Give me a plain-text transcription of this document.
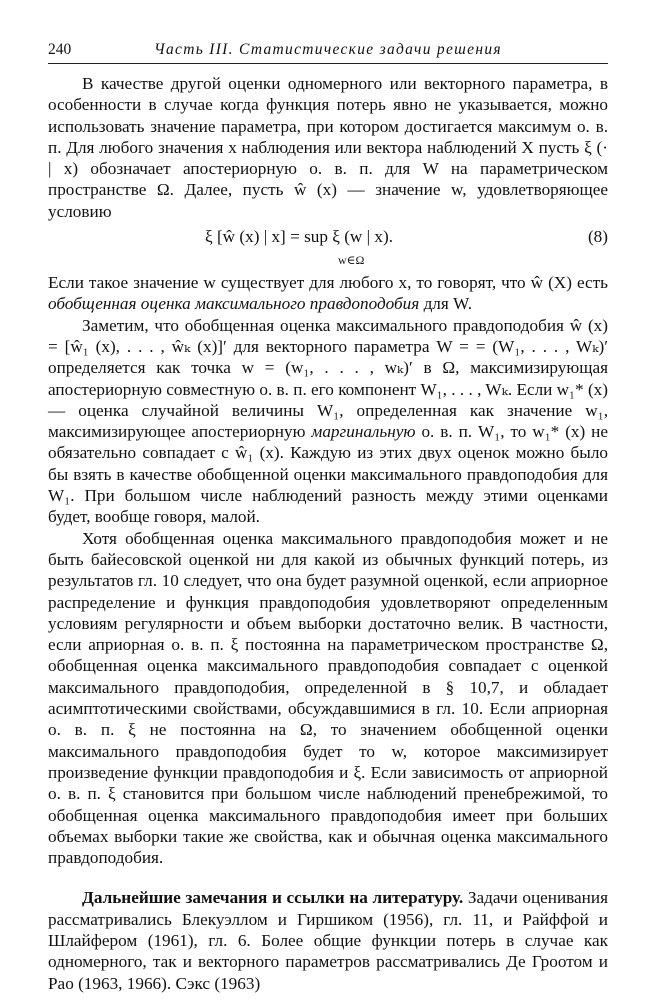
240	Часть III. Статистические задачи решения

В качестве другой оценки одномерного или векторного параметра, в особенности в случае когда функция потерь явно не указывается, можно использовать значение параметра, при котором достигается максимум о. в. п. Для любого значения x наблюдения или вектора наблюдений X пусть ξ (· | x) обозначает апостериорную о. в. п. для W на параметрическом пространстве Ω. Далее, пусть ŵ (x) — значение w, удовлетворяющее условию

ξ [ŵ (x) | x] = sup ξ (w | x).
w∈Ω
(8)

Если такое значение w существует для любого x, то говорят, что ŵ (X) есть обобщенная оценка максимального правдоподобия для W.

Заметим, что обобщенная оценка максимального правдоподобия ŵ (x) = [ŵ₁ (x), . . . , ŵₖ (x)]′ для векторного параметра W = = (W₁, . . . , Wₖ)′ определяется как точка w = (w₁, . . . , wₖ)′ в Ω, максимизирующая апостериорную совместную о. в. п. его компонент W₁, . . . , Wₖ. Если w₁* (x) — оценка случайной величины W₁, определенная как значение w₁, максимизирующее апостериорную маргинальную о. в. п. W₁, то w₁* (x) не обязательно совпадает с ŵ₁ (x). Каждую из этих двух оценок можно было бы взять в качестве обобщенной оценки максимального правдоподобия для W₁. При большом числе наблюдений разность между этими оценками будет, вообще говоря, малой.

Хотя обобщенная оценка максимального правдоподобия может и не быть байесовской оценкой ни для какой из обычных функций потерь, из результатов гл. 10 следует, что она будет разумной оценкой, если априорное распределение и функция правдоподобия удовлетворяют определенным условиям регулярности и объем выборки достаточно велик. В частности, если априорная о. в. п. ξ постоянна на параметрическом пространстве Ω, обобщенная оценка максимального правдоподобия совпадает с оценкой максимального правдоподобия, определенной в § 10,7, и обладает асимптотическими свойствами, обсуждавшимися в гл. 10. Если априорная о. в. п. ξ не постоянна на Ω, то значением обобщенной оценки максимального правдоподобия будет то w, которое максимизирует произведение функции правдоподобия и ξ. Если зависимость от априорной о. в. п. ξ становится при большом числе наблюдений пренебрежимой, то обобщенная оценка максимального правдоподобия имеет при больших объемах выборки такие же свойства, как и обычная оценка максимального правдоподобия.

Дальнейшие замечания и ссылки на литературу. Задачи оценивания рассматривались Блекуэллом и Гиршиком (1956), гл. 11, и Райффой и Шлайфером (1961), гл. 6. Более общие функции потерь в случае как одномерного, так и векторного параметров рассматривались Де Гроотом и Рао (1963, 1966). Сэкс (1963)
